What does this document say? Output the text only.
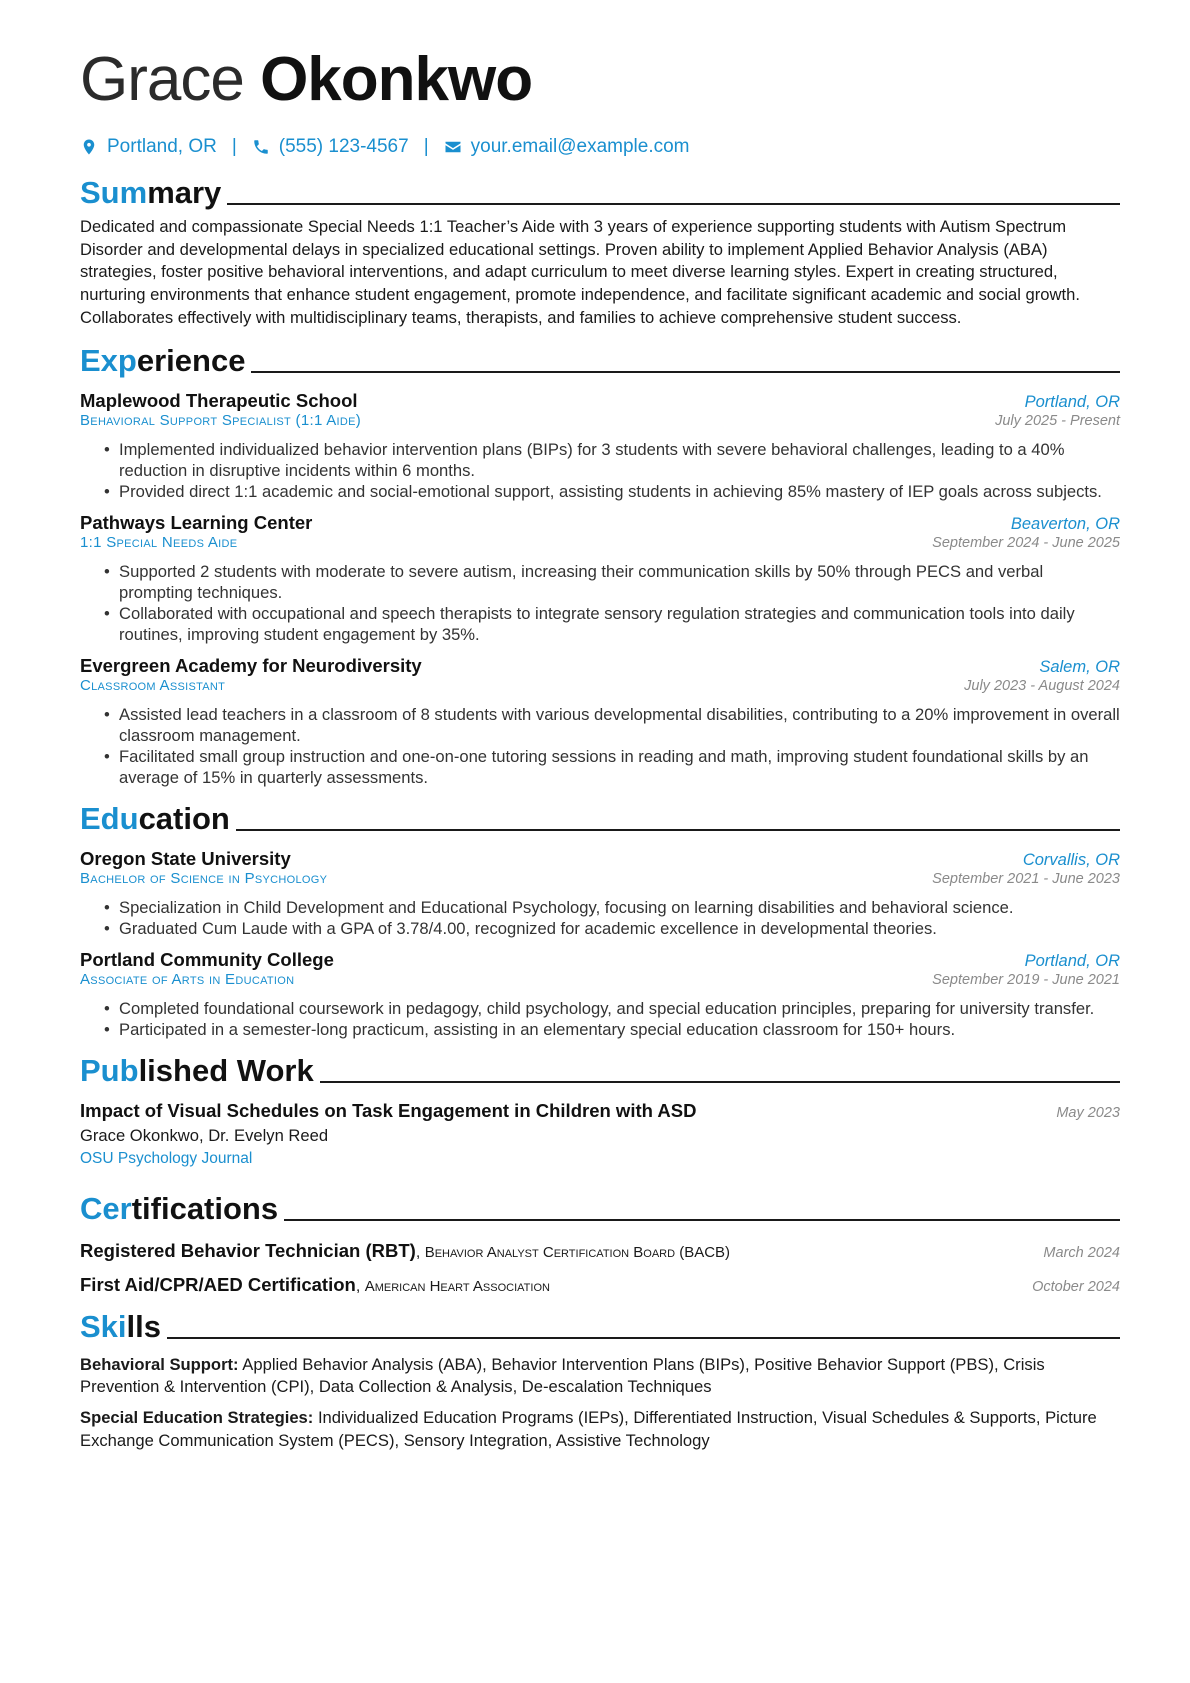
Grace Okonkwo
Portland, OR | (555) 123-4567 | your.email@example.com
Summary

Dedicated and compassionate Special Needs 1:1 Teacher’s Aide with 3 years of experience supporting students with Autism Spectrum Disorder and developmental delays in specialized educational settings. Proven ability to implement Applied Behavior Analysis (ABA) strategies, foster positive behavioral interventions, and adapt curriculum to meet diverse learning styles. Expert in creating structured, nurturing environments that enhance student engagement, promote independence, and facilitate significant academic and social growth. Collaborates effectively with multidisciplinary teams, therapists, and families to achieve comprehensive student success.

Experience
Maplewood Therapeutic School	Portland, OR
Behavioral Support Specialist (1:1 Aide)	July 2025 - Present
• Implemented individualized behavior intervention plans (BIPs) for 3 students with severe behavioral challenges, leading to a 40% reduction in disruptive incidents within 6 months.
• Provided direct 1:1 academic and social-emotional support, assisting students in achieving 85% mastery of IEP goals across subjects.
Pathways Learning Center	Beaverton, OR
1:1 Special Needs Aide	September 2024 - June 2025
• Supported 2 students with moderate to severe autism, increasing their communication skills by 50% through PECS and verbal prompting techniques.
• Collaborated with occupational and speech therapists to integrate sensory regulation strategies and communication tools into daily routines, improving student engagement by 35%.
Evergreen Academy for Neurodiversity	Salem, OR
Classroom Assistant	July 2023 - August 2024
• Assisted lead teachers in a classroom of 8 students with various developmental disabilities, contributing to a 20% improvement in overall classroom management.
• Facilitated small group instruction and one-on-one tutoring sessions in reading and math, improving student foundational skills by an average of 15% in quarterly assessments.
Education
Oregon State University	Corvallis, OR
Bachelor of Science in Psychology	September 2021 - June 2023
• Specialization in Child Development and Educational Psychology, focusing on learning disabilities and behavioral science.
• Graduated Cum Laude with a GPA of 3.78/4.00, recognized for academic excellence in developmental theories.
Portland Community College	Portland, OR
Associate of Arts in Education	September 2019 - June 2021
• Completed foundational coursework in pedagogy, child psychology, and special education principles, preparing for university transfer.
• Participated in a semester-long practicum, assisting in an elementary special education classroom for 150+ hours.
Published Work
Impact of Visual Schedules on Task Engagement in Children with ASD	May 2023
Grace Okonkwo, Dr. Evelyn Reed
OSU Psychology Journal
Certifications
Registered Behavior Technician (RBT), Behavior Analyst Certification Board (BACB)	March 2024
First Aid/CPR/AED Certification, American Heart Association	October 2024
Skills
Behavioral Support: Applied Behavior Analysis (ABA), Behavior Intervention Plans (BIPs), Positive Behavior Support (PBS), Crisis Prevention & Intervention (CPI), Data Collection & Analysis, De-escalation Techniques
Special Education Strategies: Individualized Education Programs (IEPs), Differentiated Instruction, Visual Schedules & Supports, Picture Exchange Communication System (PECS), Sensory Integration, Assistive Technology
